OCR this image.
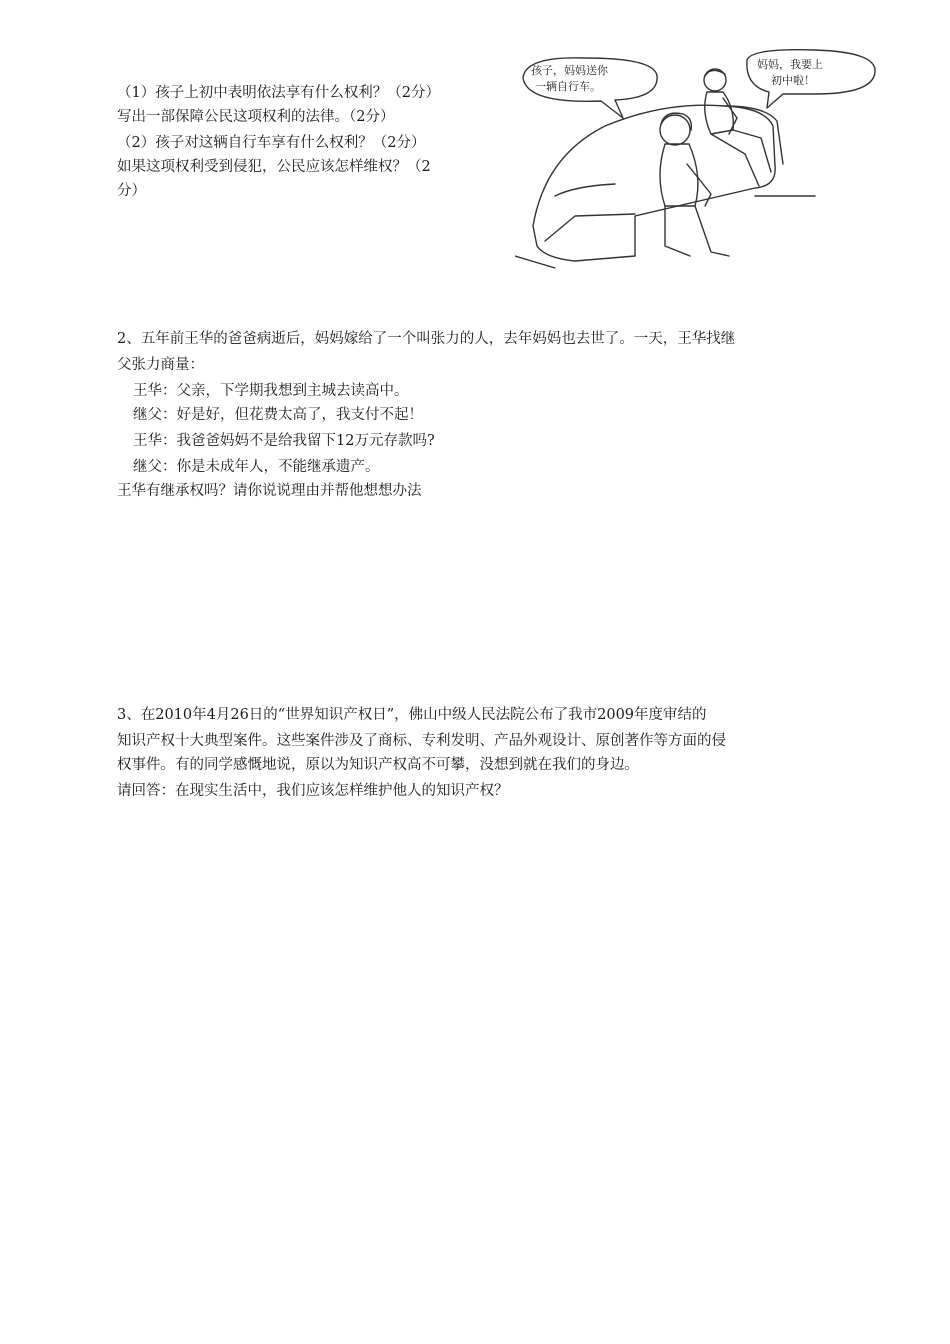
（1）孩子上初中表明依法享有什么权利？（2分）
写出一部保障公民这项权利的法律。（2分）
（2）孩子对这辆自行车享有什么权利？（2分）
如果这项权利受到侵犯，公民应该怎样维权？（2
分）
孩子，妈妈送你
一辆自行车。
妈妈，我要上
初中啦！
2、五年前王华的爸爸病逝后，妈妈嫁给了一个叫张力的人，去年妈妈也去世了。一天，王华找继
父张力商量：
王华：父亲，下学期我想到主城去读高中。
继父：好是好，但花费太高了，我支付不起！
王华：我爸爸妈妈不是给我留下12万元存款吗?
继父：你是未成年人，不能继承遗产。
王华有继承权吗？请你说说理由并帮他想想办法
3、在2010年4月26日的“世界知识产权日”，佛山中级人民法院公布了我市2009年度审结的
知识产权十大典型案件。这些案件涉及了商标、专利发明、产品外观设计、原创著作等方面的侵
权事件。有的同学感慨地说，原以为知识产权高不可攀，没想到就在我们的身边。
请回答：在现实生活中，我们应该怎样维护他人的知识产权？
